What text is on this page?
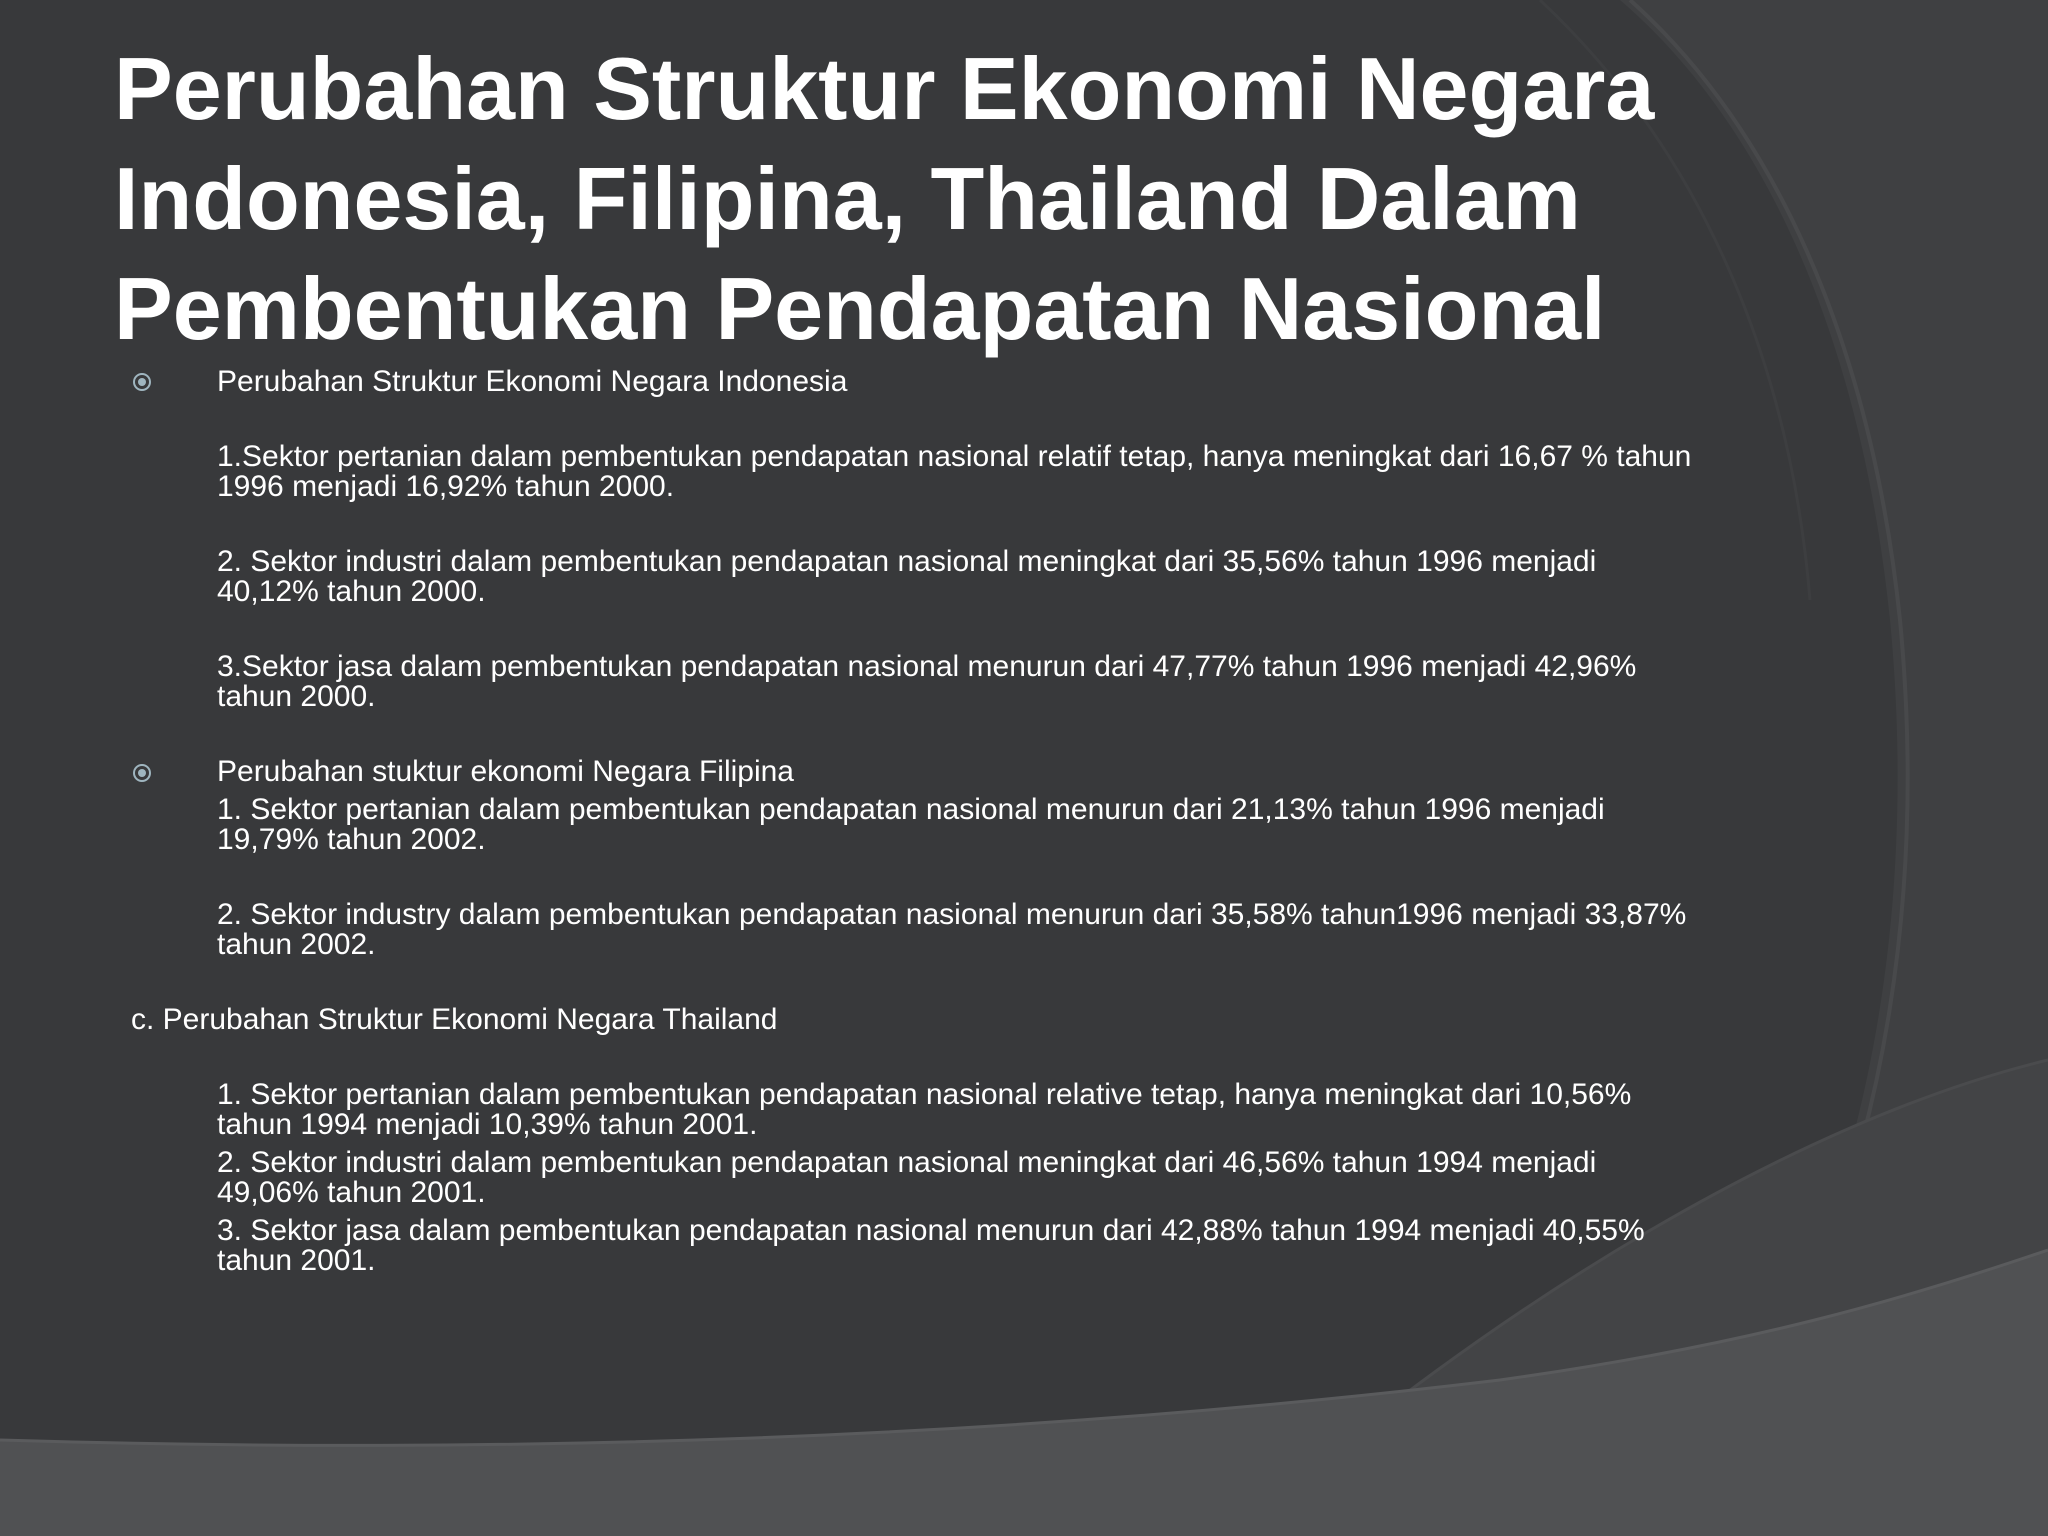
Perubahan Struktur Ekonomi Negara
Indonesia, Filipina, Thailand Dalam
Pembentukan Pendapatan Nasional
Perubahan Struktur Ekonomi Negara Indonesia
1.Sektor pertanian dalam pembentukan pendapatan nasional relatif tetap, hanya meningkat dari 16,67 % tahun
1996 menjadi 16,92% tahun 2000.
2. Sektor industri dalam pembentukan pendapatan nasional meningkat dari 35,56% tahun 1996 menjadi
40,12% tahun 2000.
3.Sektor jasa dalam pembentukan pendapatan nasional menurun dari 47,77% tahun 1996 menjadi 42,96%
tahun 2000.
Perubahan stuktur ekonomi Negara Filipina
1. Sektor pertanian dalam pembentukan pendapatan nasional menurun dari 21,13% tahun 1996 menjadi
19,79% tahun 2002.
2. Sektor industry dalam pembentukan pendapatan nasional menurun dari 35,58% tahun1996 menjadi 33,87%
tahun 2002.
c. Perubahan Struktur Ekonomi Negara Thailand
1. Sektor pertanian dalam pembentukan pendapatan nasional relative tetap, hanya meningkat dari 10,56%
tahun 1994 menjadi 10,39% tahun 2001.
2. Sektor industri dalam pembentukan pendapatan nasional meningkat dari 46,56% tahun 1994 menjadi
49,06% tahun 2001.
3. Sektor jasa dalam pembentukan pendapatan nasional menurun dari 42,88% tahun 1994 menjadi 40,55%
tahun 2001.
